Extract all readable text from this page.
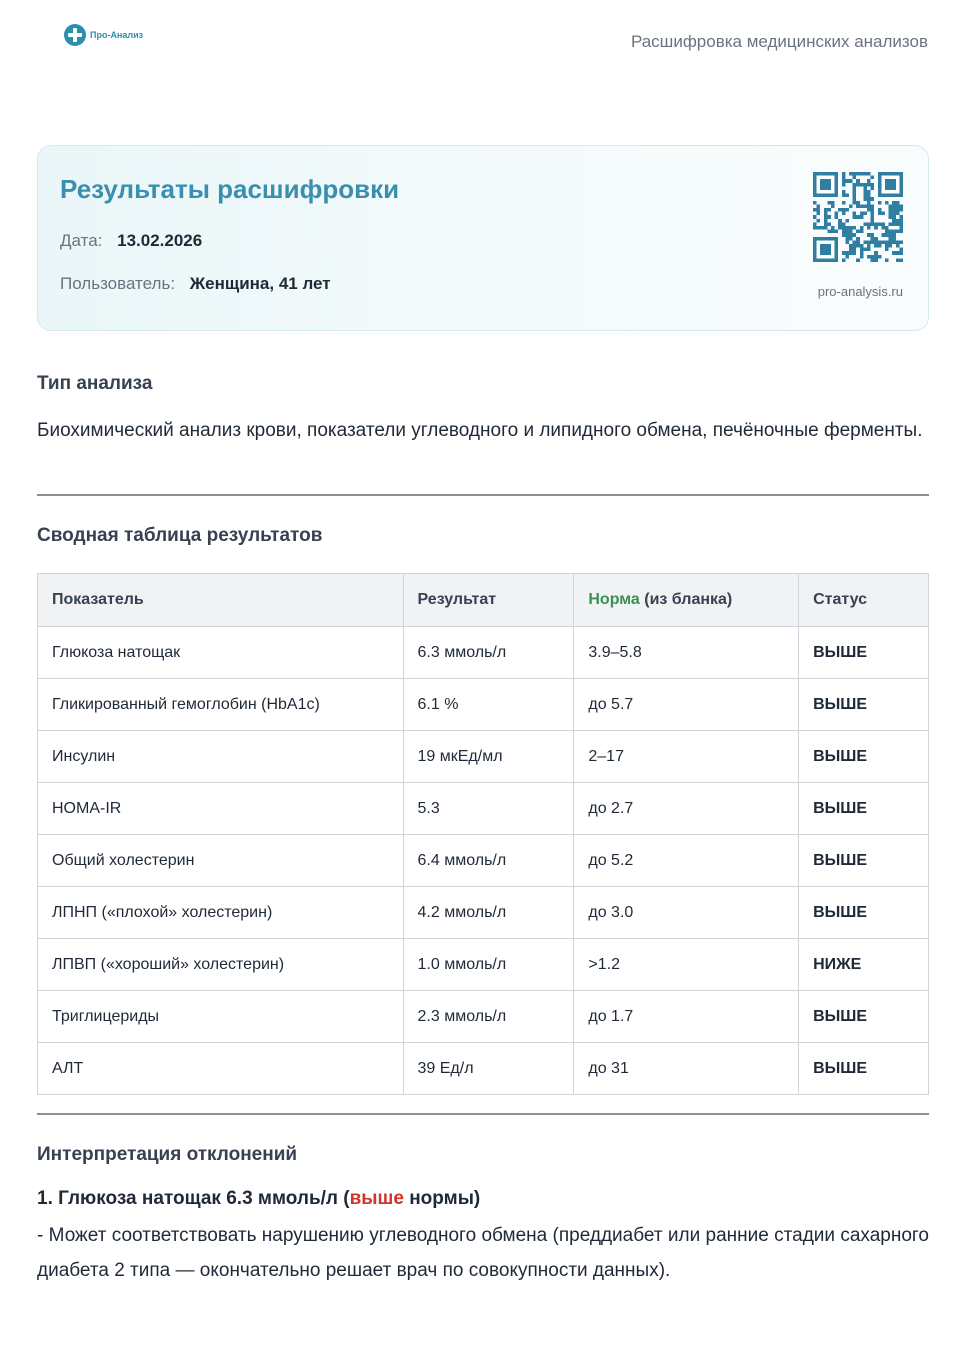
Про-Анализ	Расшифровка медицинских анализов
Результаты расшифровки
Дата: 13.02.2026
Пользователь: Женщина, 41 лет	pro-analysis.ru
Тип анализа
Биохимический анализ крови, показатели углеводного и липидного обмена, печёночные ферменты.
Сводная таблица результатов
Показатель	Результат	Норма (из бланка)	Статус
Глюкоза натощак	6.3 ммоль/л	3.9–5.8	ВЫШЕ
Гликированный гемоглобин (HbA1c)	6.1 %	до 5.7	ВЫШЕ
Инсулин	19 мкЕд/мл	2–17	ВЫШЕ
HOMA-IR	5.3	до 2.7	ВЫШЕ
Общий холестерин	6.4 ммоль/л	до 5.2	ВЫШЕ
ЛПНП («плохой» холестерин)	4.2 ммоль/л	до 3.0	ВЫШЕ
ЛПВП («хороший» холестерин)	1.0 ммоль/л	>1.2	НИЖЕ
Триглицериды	2.3 ммоль/л	до 1.7	ВЫШЕ
АЛТ	39 Ед/л	до 31	ВЫШЕ
Интерпретация отклонений
1. Глюкоза натощак 6.3 ммоль/л (выше нормы)
- Может соответствовать нарушению углеводного обмена (преддиабет или ранние стадии сахарного диабета 2 типа — окончательно решает врач по совокупности данных).
